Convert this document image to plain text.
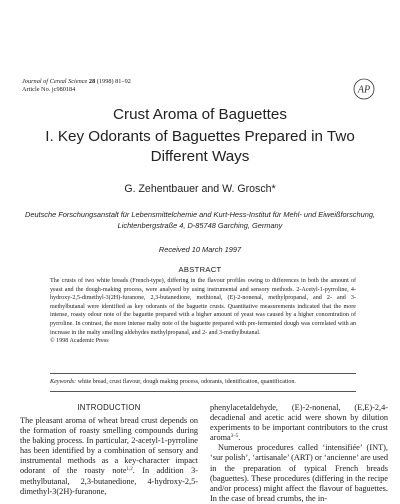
Journal of Cereal Science 28 (1998) 81–92
Article No. jc980184	AP
Crust Aroma of Baguettes
I. Key Odorants of Baguettes Prepared in Two
Different Ways
G. Zehentbauer and W. Grosch*
Deutsche Forschungsanstalt für Lebensmittelchemie and Kurt-Hess-Institut für Mehl- und Eiweißforschung,
Lichtenbergstraße 4, D-85748 Garching, Germany
Received 10 March 1997
ABSTRACT
The crusts of two white breads (French-type), differing in the flavour profiles owing to differences in both the amount of yeast and the dough-making process, were analysed by using instrumental and sensory methods. 2-Acetyl-1-pyrroline, 4-hydroxy-2,5-dimethyl-3(2H)-furanone, 2,3-butanedione, methional, (E)-2-nonenal, methylpropanal, and 2- and 3-methylbutanal were identified as key odorants of the baguette crusts. Quantitative measurements indicated that the more intense, roasty odour note of the baguette prepared with a higher amount of yeast was caused by a higher concentration of pyrroline. In contrast, the more intense malty note of the baguette prepared with pre-fermented dough was correlated with an increase in the malty smelling aldehydes methylpropanal, and 2- and 3-methylbutanal.
© 1998 Academic Press
Keywords: white bread, crust flavour, dough making process, odorants, identification, quantification.
INTRODUCTION

The pleasant aroma of wheat bread crust depends on the formation of roasty smelling compounds during the baking process. In particular, 2-acetyl-1-pyrroline has been identified by a combination of sensory and instrumental methods as a key-character impact odorant of the roasty note$^{1,2}$. In addition 3-methylbutanal, 2,3-butanedione, 4-hydroxy-2,5-dimethyl-3(2H)-furanone,

phenylacetaldehyde, (E)-2-nonenal, (E,E)-2,4-decadienal and acetic acid were shown by dilution experiments to be important contributors to the crust aroma$^{3-5}$.

Numerous procedures called ‘intensifiée’ (INT), ‘sur polish’, ‘artisanale’ (ART) or ‘ancienne’ are used in the preparation of typical French breads (baguettes). These procedures (differing in the recipe and/or process) might affect the flavour of baguettes. In the case of bread crumbs, the in-
